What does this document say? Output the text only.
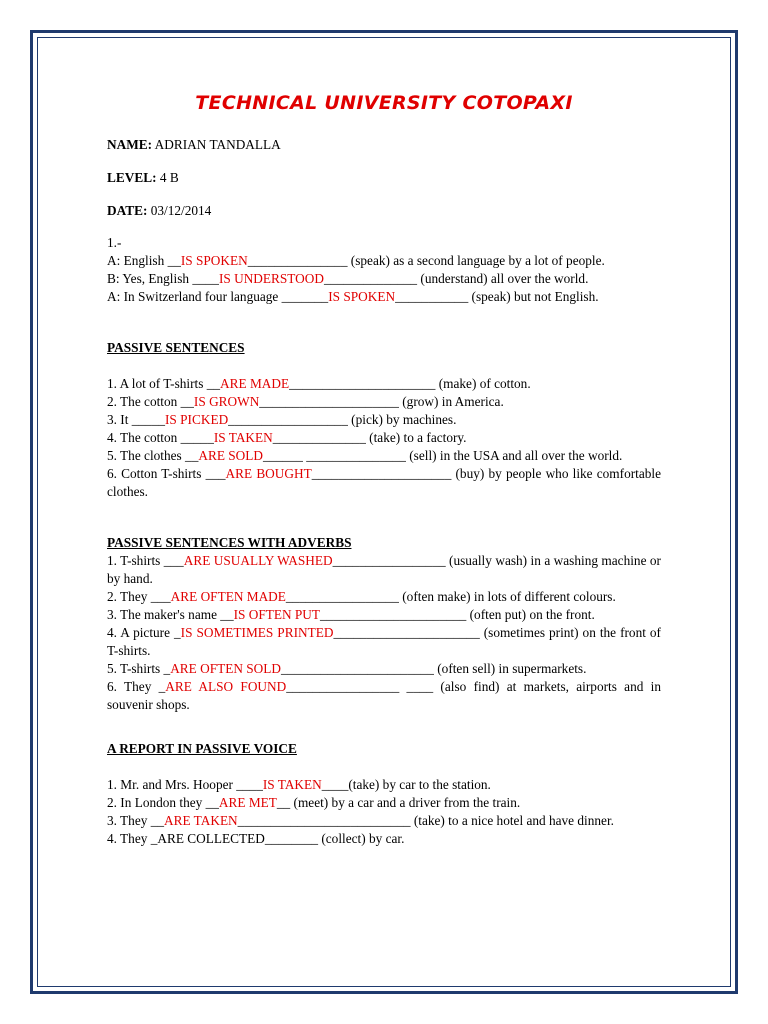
TECHNICAL UNIVERSITY COTOPAXI

NAME: ADRIAN TANDALLA

LEVEL: 4 B

DATE: 03/12/2014

1.-

A: English __IS SPOKEN_______________ (speak) as a second language by a lot of people.

B: Yes, English ____IS UNDERSTOOD______________ (understand) all over the world.

A: In Switzerland four language _______IS SPOKEN___________ (speak) but not English.

PASSIVE SENTENCES

1. A lot of T-shirts __ARE MADE______________________ (make) of cotton.

2. The cotton __IS GROWN_____________________ (grow) in America.

3. It _____IS PICKED__________________ (pick) by machines.

4. The cotton _____IS TAKEN______________ (take) to a factory.

5. The clothes __ARE SOLD______ _______________ (sell) in the USA and all over the world.

6. Cotton T-shirts ___ARE BOUGHT_____________________ (buy) by people who like comfortable clothes.

PASSIVE SENTENCES WITH ADVERBS

1. T-shirts ___ARE USUALLY WASHED_________________ (usually wash) in a washing machine or by hand.

2. They ___ARE OFTEN MADE_________________ (often make) in lots of different colours.

3. The maker's name __IS OFTEN PUT______________________ (often put) on the front.

4. A picture _IS SOMETIMES PRINTED______________________ (sometimes print) on the front of T-shirts.

5. T-shirts _ARE OFTEN SOLD_______________________ (often sell) in supermarkets.

6. They _ARE ALSO FOUND_________________ ____ (also find) at markets, airports and in souvenir shops.

A REPORT IN PASSIVE VOICE

1. Mr. and Mrs. Hooper ____IS TAKEN____(take) by car to the station.

2. In London they __ARE MET__ (meet) by a car and a driver from the train.

3. They __ARE TAKEN__________________________ (take) to a nice hotel and have dinner.

4. They _ARE COLLECTED________ (collect) by car.
